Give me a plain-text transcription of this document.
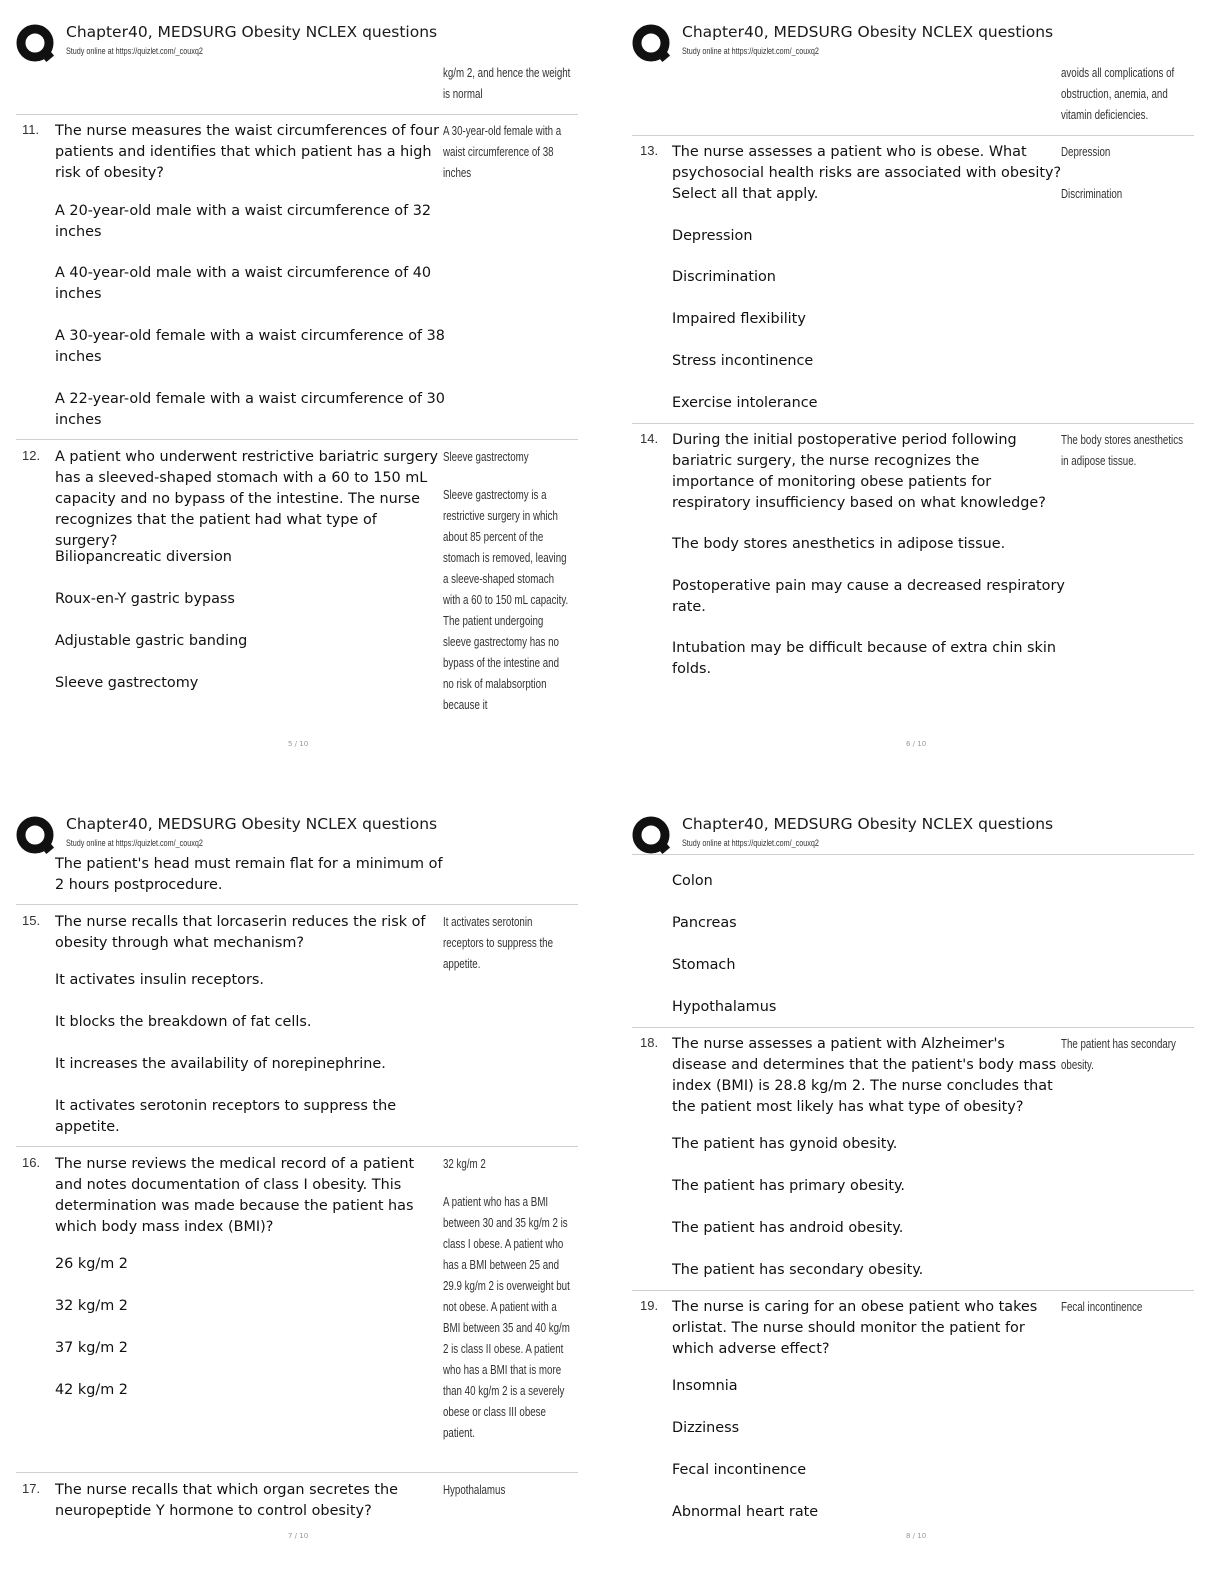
Chapter40, MEDSURG Obesity NCLEX questions
Study online at https://quizlet.com/_couxq2
kg/m 2, and hence the weight is normal
11. The nurse measures the waist circumferences of four patients and identifies that which patient has a high risk of obesity?
A 30-year-old female with a waist circumference of 38 inches
A 20-year-old male with a waist circumference of 32 inches
A 40-year-old male with a waist circumference of 40 inches
A 30-year-old female with a waist circumference of 38 inches
A 22-year-old female with a waist circumference of 30 inches
12. A patient who underwent restrictive bariatric surgery has a sleeved-shaped stomach with a 60 to 150 mL capacity and no bypass of the intestine. The nurse recognizes that the patient had what type of surgery?
Sleeve gastrectomy
Sleeve gastrectomy is a restrictive surgery in which about 85 percent of the stomach is removed, leaving a sleeve-shaped stomach with a 60 to 150 mL capacity. The patient undergoing sleeve gastrectomy has no bypass of the intestine and no risk of malabsorption because it
Biliopancreatic diversion
Roux-en-Y gastric bypass
Adjustable gastric banding
Sleeve gastrectomy
5 / 10
Chapter40, MEDSURG Obesity NCLEX questions
Study online at https://quizlet.com/_couxq2
avoids all complications of obstruction, anemia, and vitamin deficiencies.
13. The nurse assesses a patient who is obese. What psychosocial health risks are associated with obesity? Select all that apply.
Depression
Discrimination
Depression
Discrimination
Impaired flexibility
Stress incontinence
Exercise intolerance
14. During the initial postoperative period following bariatric surgery, the nurse recognizes the importance of monitoring obese patients for respiratory insufficiency based on what knowledge?
The body stores anesthetics in adipose tissue.
The body stores anesthetics in adipose tissue.
Postoperative pain may cause a decreased respiratory rate.
Intubation may be difficult because of extra chin skin folds.
6 / 10
Chapter40, MEDSURG Obesity NCLEX questions
Study online at https://quizlet.com/_couxq2
The patient's head must remain flat for a minimum of 2 hours postprocedure.
15. The nurse recalls that lorcaserin reduces the risk of obesity through what mechanism?
It activates serotonin receptors to suppress the appetite.
It activates insulin receptors.
It blocks the breakdown of fat cells.
It increases the availability of norepinephrine.
It activates serotonin receptors to suppress the appetite.
16. The nurse reviews the medical record of a patient and notes documentation of class I obesity. This determination was made because the patient has which body mass index (BMI)?
32 kg/m 2
A patient who has a BMI between 30 and 35 kg/m 2 is class I obese. A patient who has a BMI between 25 and 29.9 kg/m 2 is overweight but not obese. A patient with a BMI between 35 and 40 kg/m 2 is class II obese. A patient who has a BMI that is more than 40 kg/m 2 is a severely obese or class III obese patient.
26 kg/m 2
32 kg/m 2
37 kg/m 2
42 kg/m 2
17. The nurse recalls that which organ secretes the neuropeptide Y hormone to control obesity?
Hypothalamus
7 / 10
Chapter40, MEDSURG Obesity NCLEX questions
Study online at https://quizlet.com/_couxq2
Colon
Pancreas
Stomach
Hypothalamus
18. The nurse assesses a patient with Alzheimer's disease and determines that the patient's body mass index (BMI) is 28.8 kg/m 2. The nurse concludes that the patient most likely has what type of obesity?
The patient has secondary obesity.
The patient has gynoid obesity.
The patient has primary obesity.
The patient has android obesity.
The patient has secondary obesity.
19. The nurse is caring for an obese patient who takes orlistat. The nurse should monitor the patient for which adverse effect?
Fecal incontinence
Insomnia
Dizziness
Fecal incontinence
Abnormal heart rate
8 / 10
